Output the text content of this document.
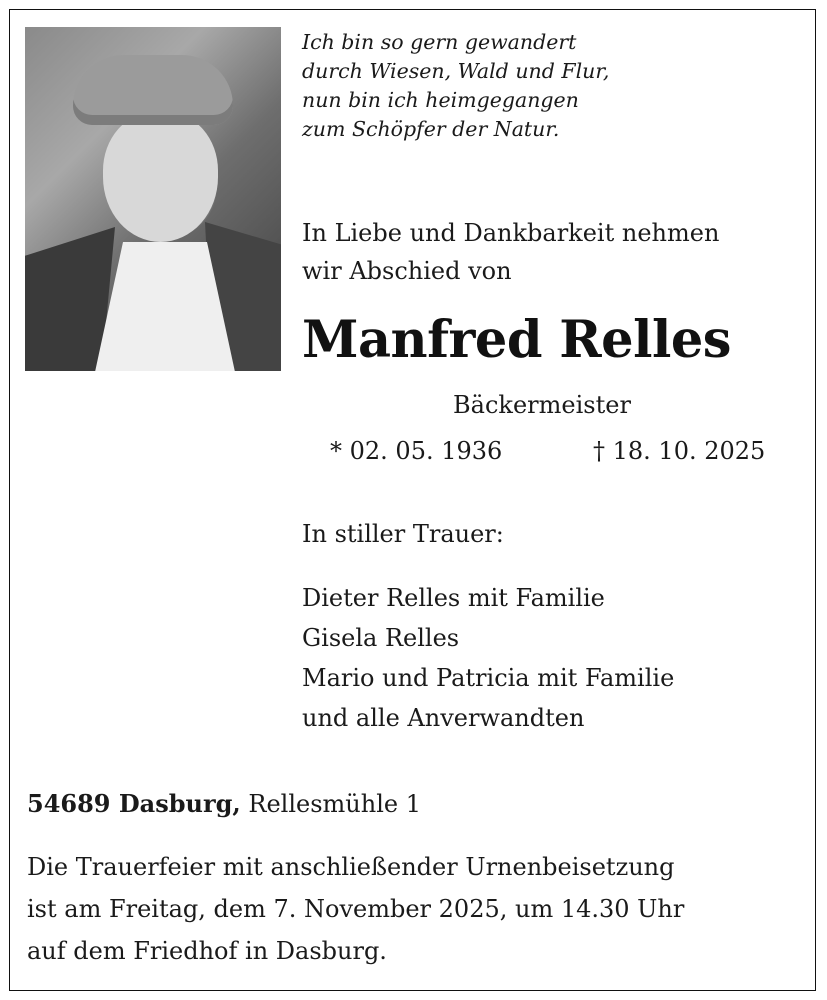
Ich bin so gern gewandert
durch Wiesen, Wald und Flur,
nun bin ich heimgegangen
zum Schöpfer der Natur.
In Liebe und Dankbarkeit nehmen
wir Abschied von
Manfred Relles
Bäckermeister
* 02. 05. 1936	† 18. 10. 2025
In stiller Trauer:
Dieter Relles mit Familie
Gisela Relles
Mario und Patricia mit Familie
und alle Anverwandten
54689 Dasburg, Rellesmühle 1
Die Trauerfeier mit anschließender Urnenbeisetzung
ist am Freitag, dem 7. November 2025, um 14.30 Uhr
auf dem Friedhof in Dasburg.
